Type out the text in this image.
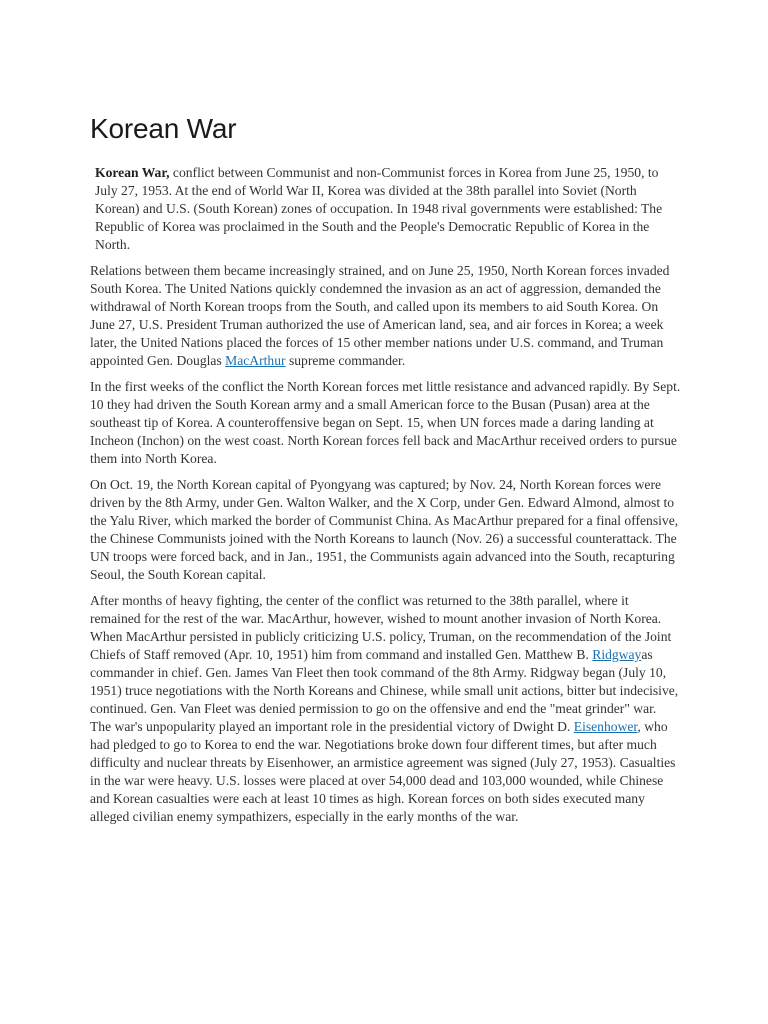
Korean War

Korean War, conflict between Communist and non-Communist forces in Korea from June 25, 1950, to July 27, 1953. At the end of World War II, Korea was divided at the 38th parallel into Soviet (North Korean) and U.S. (South Korean) zones of occupation. In 1948 rival governments were established: The Republic of Korea was proclaimed in the South and the People's Democratic Republic of Korea in the North.

Relations between them became increasingly strained, and on June 25, 1950, North Korean forces invaded South Korea. The United Nations quickly condemned the invasion as an act of aggression, demanded the withdrawal of North Korean troops from the South, and called upon its members to aid South Korea. On June 27, U.S. President Truman authorized the use of American land, sea, and air forces in Korea; a week later, the United Nations placed the forces of 15 other member nations under U.S. command, and Truman appointed Gen. Douglas MacArthur supreme commander.

In the first weeks of the conflict the North Korean forces met little resistance and advanced rapidly. By Sept. 10 they had driven the South Korean army and a small American force to the Busan (Pusan) area at the southeast tip of Korea. A counteroffensive began on Sept. 15, when UN forces made a daring landing at Incheon (Inchon) on the west coast. North Korean forces fell back and MacArthur received orders to pursue them into North Korea.

On Oct. 19, the North Korean capital of Pyongyang was captured; by Nov. 24, North Korean forces were driven by the 8th Army, under Gen. Walton Walker, and the X Corp, under Gen. Edward Almond, almost to the Yalu River, which marked the border of Communist China. As MacArthur prepared for a final offensive, the Chinese Communists joined with the North Koreans to launch (Nov. 26) a successful counterattack. The UN troops were forced back, and in Jan., 1951, the Communists again advanced into the South, recapturing Seoul, the South Korean capital.

After months of heavy fighting, the center of the conflict was returned to the 38th parallel, where it remained for the rest of the war. MacArthur, however, wished to mount another invasion of North Korea. When MacArthur persisted in publicly criticizing U.S. policy, Truman, on the recommendation of the Joint Chiefs of Staff removed (Apr. 10, 1951) him from command and installed Gen. Matthew B. Ridgwayas commander in chief. Gen. James Van Fleet then took command of the 8th Army. Ridgway began (July 10, 1951) truce negotiations with the North Koreans and Chinese, while small unit actions, bitter but indecisive, continued. Gen. Van Fleet was denied permission to go on the offensive and end the "meat grinder" war.

The war's unpopularity played an important role in the presidential victory of Dwight D. Eisenhower, who had pledged to go to Korea to end the war. Negotiations broke down four different times, but after much difficulty and nuclear threats by Eisenhower, an armistice agreement was signed (July 27, 1953). Casualties in the war were heavy. U.S. losses were placed at over 54,000 dead and 103,000 wounded, while Chinese and Korean casualties were each at least 10 times as high. Korean forces on both sides executed many alleged civilian enemy sympathizers, especially in the early months of the war.
